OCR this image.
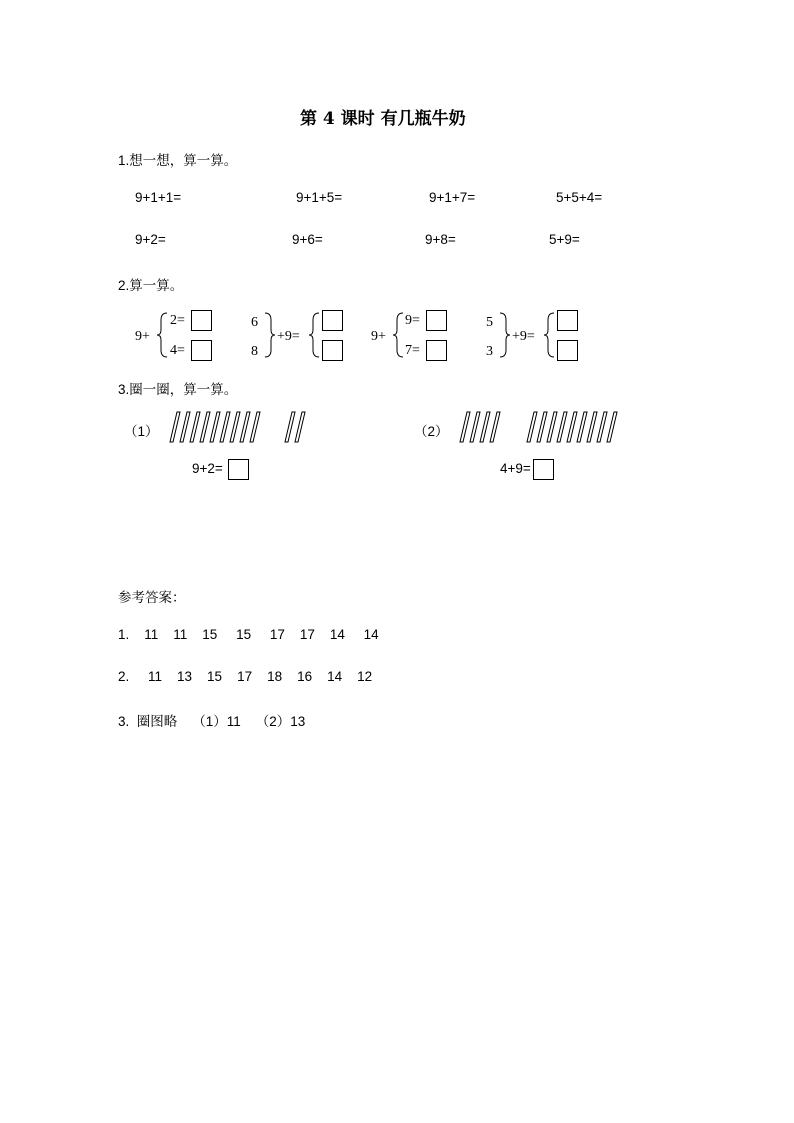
第 4 课时 有几瓶牛奶
1.想一想，算一算。
9+1+1=	9+1+5=	9+1+7=	5+5+4=
9+2=	9+6=	9+8=	5+9=
2.算一算。
9+
2=
4=
6
8
+9=	9+
9=
7=
5
3
+9=
3.圈一圈，算一算。
（1）
9+2=
（2）
4+9=
参考答案：
1.    11    11    15     15     17    17    14     14
2.     11    13    15    17    18    16    14    12
3.  圈图略    （1）11    （2）13
